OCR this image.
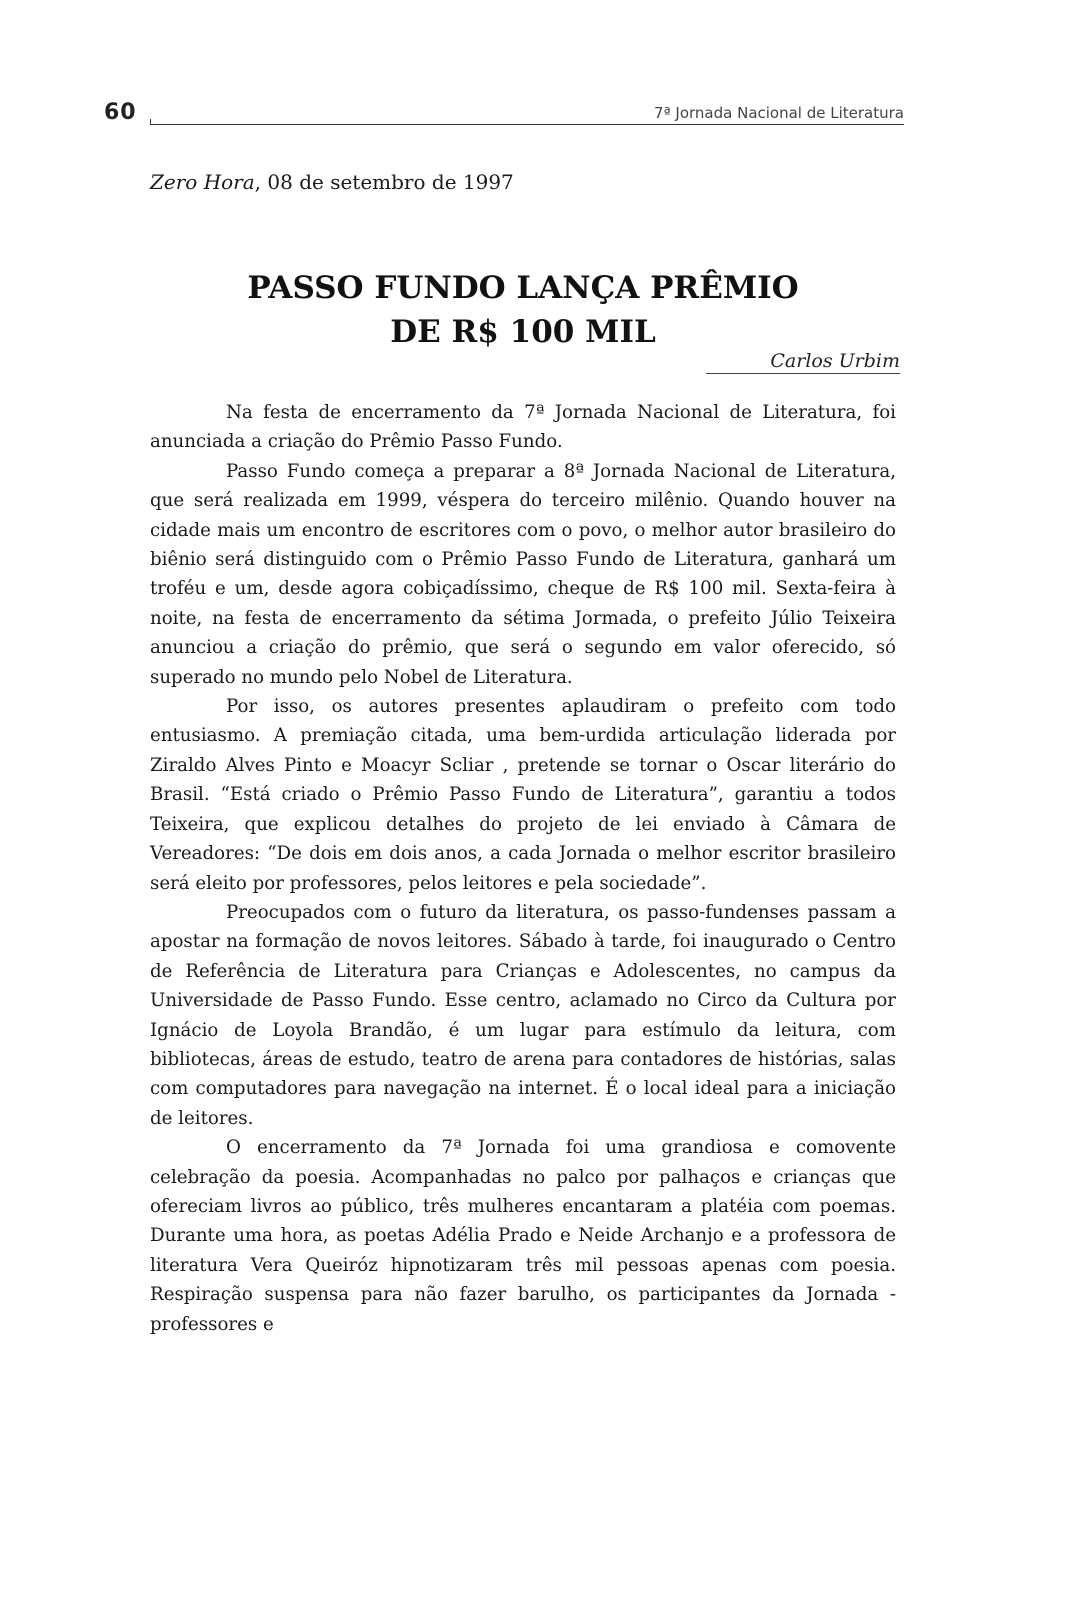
60	7ª Jornada Nacional de Literatura
Zero Hora, 08 de setembro de 1997
PASSO FUNDO LANÇA PRÊMIO
DE R$ 100 MIL
Carlos Urbim

Na festa de encerramento da 7ª Jornada Nacional de Literatura, foi anunciada a criação do Prêmio Passo Fundo.

Passo Fundo começa a preparar a 8ª Jornada Nacional de Literatura, que será realizada em 1999, véspera do terceiro milênio. Quando houver na cidade mais um encontro de escritores com o povo, o melhor autor brasileiro do biênio será distinguido com o Prêmio Passo Fundo de Literatura, ganhará um troféu e um, desde agora cobiçadíssimo, cheque de R$ 100 mil. Sexta-feira à noite, na festa de encerramento da sétima Jormada, o prefeito Júlio Teixeira anunciou a criação do prêmio, que será o segundo em valor oferecido, só superado no mundo pelo Nobel de Literatura.

Por isso, os autores presentes aplaudiram o prefeito com todo entusiasmo. A premiação citada, uma bem-urdida articulação liderada por Ziraldo Alves Pinto e Moacyr Scliar , pretende se tornar o Oscar literário do Brasil. “Está criado o Prêmio Passo Fundo de Literatura”, garantiu a todos Teixeira, que explicou detalhes do projeto de lei enviado à Câmara de Vereadores: “De dois em dois anos, a cada Jornada o melhor escritor brasileiro será eleito por professores, pelos leitores e pela sociedade”.

Preocupados com o futuro da literatura, os passo-fundenses passam a apostar na formação de novos leitores. Sábado à tarde, foi inaugurado o Centro de Referência de Literatura para Crianças e Adolescentes, no campus da Universidade de Passo Fundo. Esse centro, aclamado no Circo da Cultura por Ignácio de Loyola Brandão, é um lugar para estímulo da leitura, com bibliotecas, áreas de estudo, teatro de arena para contadores de histórias, salas com computadores para navegação na internet. É o local ideal para a iniciação de leitores.

O encerramento da 7ª Jornada foi uma grandiosa e comovente celebração da poesia. Acompanhadas no palco por palhaços e crianças que ofereciam livros ao público, três mulheres encantaram a platéia com poemas. Durante uma hora, as poetas Adélia Prado e Neide Archanjo e a professora de literatura Vera Queiróz hipnotizaram três mil pessoas apenas com poesia. Respiração suspensa para não fazer barulho, os participantes da Jornada - professores e
